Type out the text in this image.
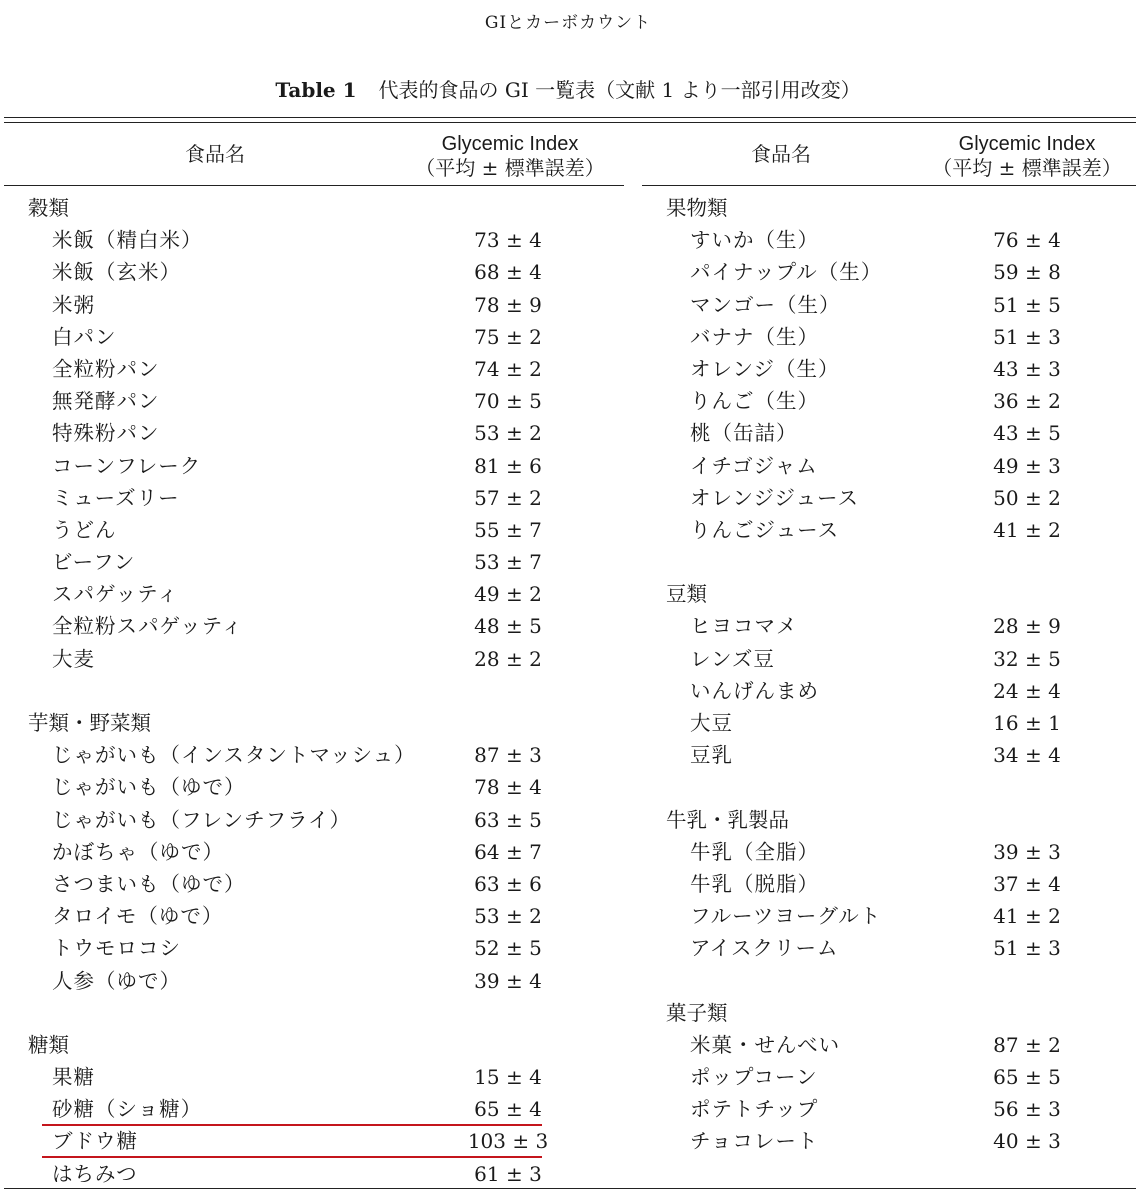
GIとカーボカウント
Table 1 代表的食品の GI 一覧表（文献 1 より一部引用改変）
食品名	Glycemic Index
（平均 ± 標準誤差）
食品名	Glycemic Index
（平均 ± 標準誤差）
穀類
米飯（精白米）	73 ± 4
米飯（玄米）	68 ± 4
米粥	78 ± 9
白パン	75 ± 2
全粒粉パン	74 ± 2
無発酵パン	70 ± 5
特殊粉パン	53 ± 2
コーンフレーク	81 ± 6
ミューズリー	57 ± 2
うどん	55 ± 7
ビーフン	53 ± 7
スパゲッティ	49 ± 2
全粒粉スパゲッティ	48 ± 5
大麦	28 ± 2
芋類・野菜類
じゃがいも（インスタントマッシュ）	87 ± 3
じゃがいも（ゆで）	78 ± 4
じゃがいも（フレンチフライ）	63 ± 5
かぼちゃ（ゆで）	64 ± 7
さつまいも（ゆで）	63 ± 6
タロイモ（ゆで）	53 ± 2
トウモロコシ	52 ± 5
人参（ゆで）	39 ± 4
糖類
果糖	15 ± 4
砂糖（ショ糖）	65 ± 4
ブドウ糖	103 ± 3
はちみつ	61 ± 3
果物類
すいか（生）	76 ± 4
パイナップル（生）	59 ± 8
マンゴー（生）	51 ± 5
バナナ（生）	51 ± 3
オレンジ（生）	43 ± 3
りんご（生）	36 ± 2
桃（缶詰）	43 ± 5
イチゴジャム	49 ± 3
オレンジジュース	50 ± 2
りんごジュース	41 ± 2
豆類
ヒヨコマメ	28 ± 9
レンズ豆	32 ± 5
いんげんまめ	24 ± 4
大豆	16 ± 1
豆乳	34 ± 4
牛乳・乳製品
牛乳（全脂）	39 ± 3
牛乳（脱脂）	37 ± 4
フルーツヨーグルト	41 ± 2
アイスクリーム	51 ± 3
菓子類
米菓・せんべい	87 ± 2
ポップコーン	65 ± 5
ポテトチップ	56 ± 3
チョコレート	40 ± 3
